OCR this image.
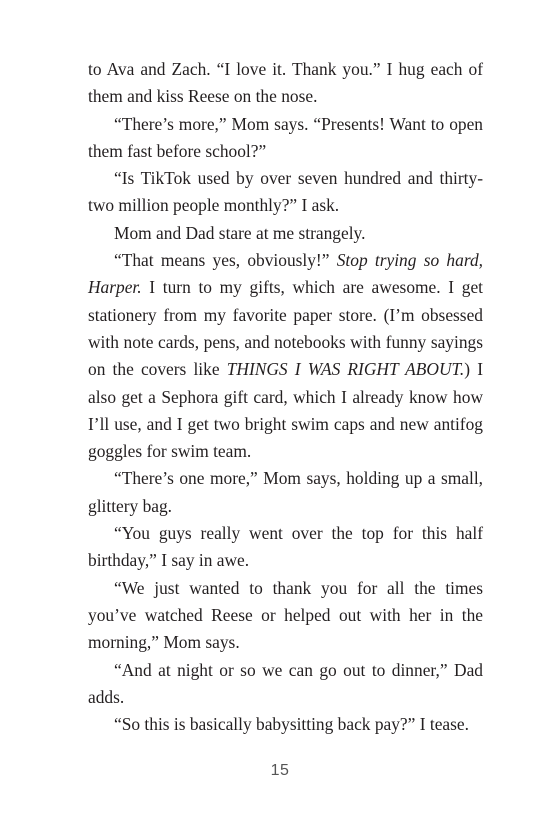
to Ava and Zach. “I love it. Thank you.” I hug each of them and kiss Reese on the nose.

“There’s more,” Mom says. “Presents! Want to open them fast before school?”

“Is TikTok used by over seven hundred and thirty-two million people monthly?” I ask.

Mom and Dad stare at me strangely.

“That means yes, obviously!” Stop trying so hard, Harper. I turn to my gifts, which are awesome. I get stationery from my favorite paper store. (I’m obsessed with note cards, pens, and notebooks with funny sayings on the covers like THINGS I WAS RIGHT ABOUT.) I also get a Sephora gift card, which I already know how I’ll use, and I get two bright swim caps and new antifog goggles for swim team.

“There’s one more,” Mom says, holding up a small, glittery bag.

“You guys really went over the top for this half birthday,” I say in awe.

“We just wanted to thank you for all the times you’ve watched Reese or helped out with her in the morning,” Mom says.

“And at night or so we can go out to dinner,” Dad adds.

“So this is basically babysitting back pay?” I tease.

15
